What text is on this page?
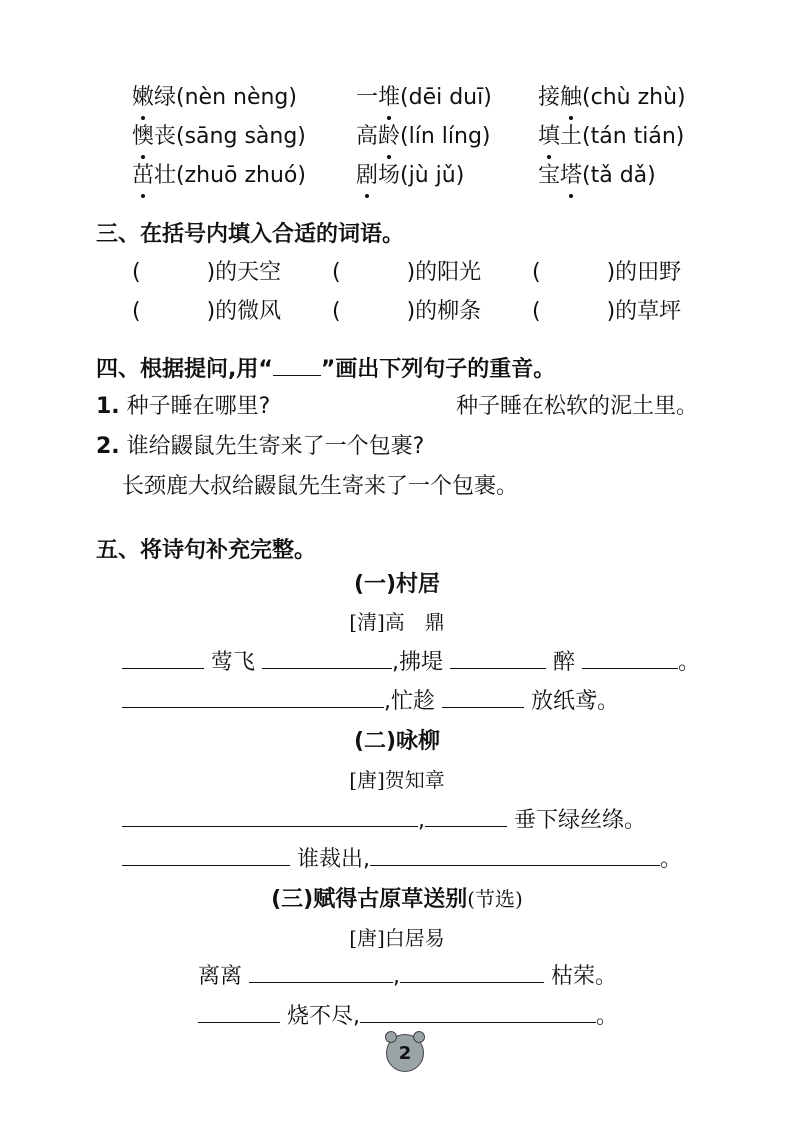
嫩绿(nèn nèng)	一堆(dēi duī) 接触(chù zhù)
懊丧(sāng sàng) 高龄(lín líng) 填土(tán tián)
茁壮(zhuō zhuó) 剧场(jù jǔ)	宝塔(tǎ dǎ)
三、在括号内填入合适的词语。
(　　　)的天空 (　　　)的阳光 (　　　)的田野
(　　　)的微风 (　　　)的柳条 (　　　)的草坪
四、根据提问,用“ ”画出下列句子的重音。
1. 种子睡在哪里?	种子睡在松软的泥土里。
2. 谁给鼹鼠先生寄来了一个包裹?
长颈鹿大叔给鼹鼠先生寄来了一个包裹。
五、将诗句补充完整。
(一)村居
[清]高　鼎
莺飞	,拂堤	醉	。
,忙趁	放纸鸢。
(二)咏柳
[唐]贺知章
,	垂下绿丝绦。
谁裁出,	。
(三)赋得古原草送别(节选)
[唐]白居易
离离	,	枯荣。
烧不尽,	。
2
